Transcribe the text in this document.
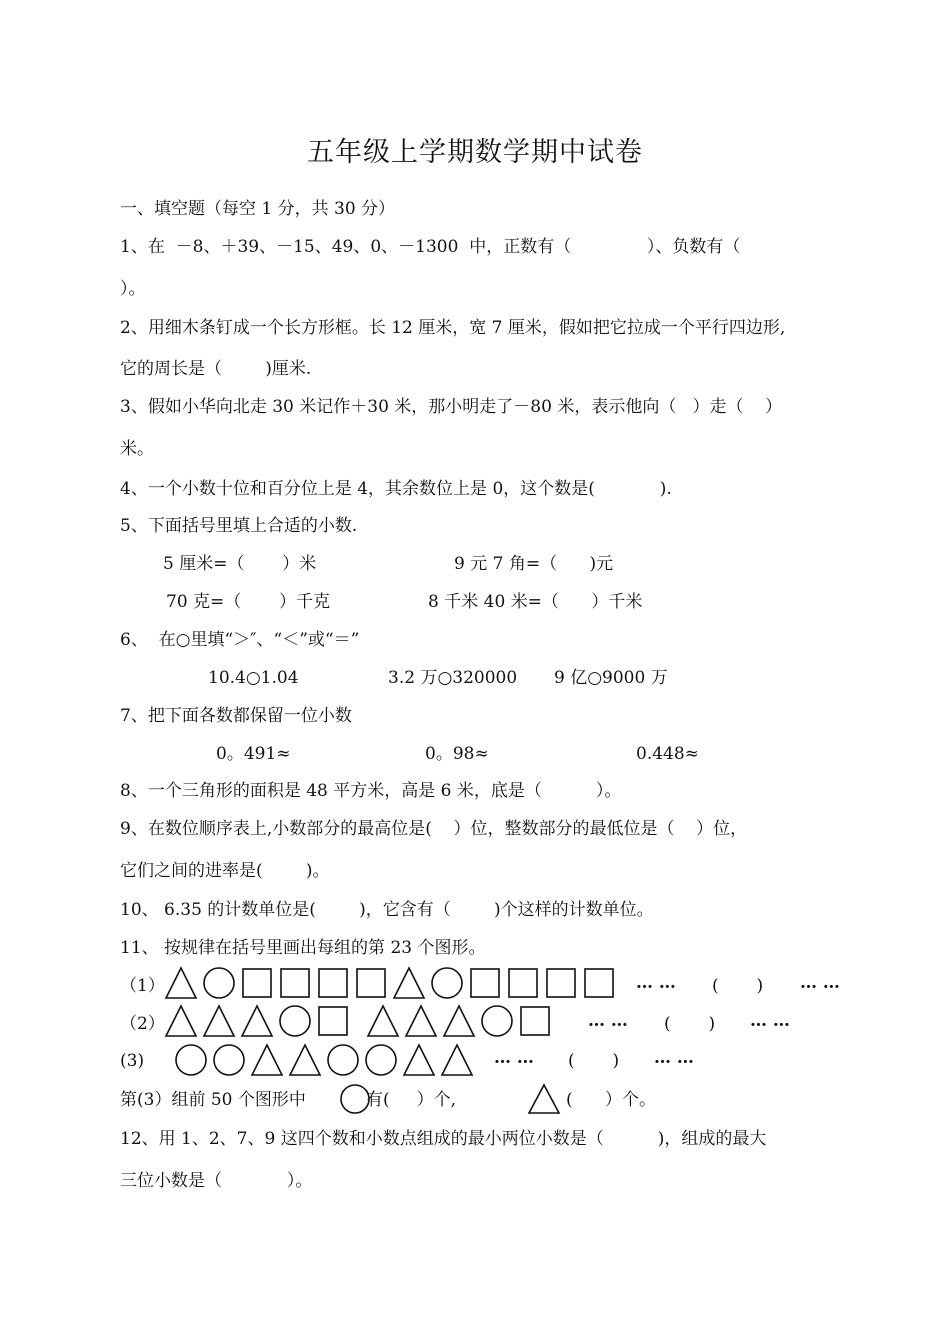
五年级上学期数学期中试卷
一、填空题（每空 1 分，共 30 分）
1、在  －8、＋39、－15、49、0、－1300  中，正数有（              ）、负数有（
）。
2、用细木条钉成一个长方形框。长 12 厘米，宽 7 厘米，假如把它拉成一个平行四边形,
它的周长是（        )厘米.
3、假如小华向北走 30 米记作＋30 米，那小明走了－80 米，表示他向（   ）走（    ）
米。
4、一个小数十位和百分位上是 4，其余数位上是 0，这个数是(            ).
5、下面括号里填上合适的小数.
5 厘米=（       ）米	9 元 7 角=（      )元
70 克=（       ）千克	8 千米 40 米=（      ）千米
6、  在○里填“＞″、“＜”或“＝”
10.4○1.04	3.2 万○320000 9 亿○9000 万
7、把下面各数都保留一位小数
0。491≈	0。98≈	0.448≈
8、一个三角形的面积是 48 平方米，高是 6 米，底是（          ）。
9、在数位顺序表上,小数部分的最高位是(    ）位，整数部分的最低位是（    ）位，
它们之间的进率是(        )。
10、 6.35 的计数单位是(        )，它含有（        )个这样的计数单位。
11、 按规律在括号里画出每组的第 23 个图形。
（1）	… … (       ) … …
（2）	… … (       ) … …
(3)	… … (       ) … …
第(3）组前 50 个图形中	有(     ）个,	(      ）个。
12、用 1、2、7、9 这四个数和小数点组成的最小两位小数是（          )，组成的最大
三位小数是（            ）。
